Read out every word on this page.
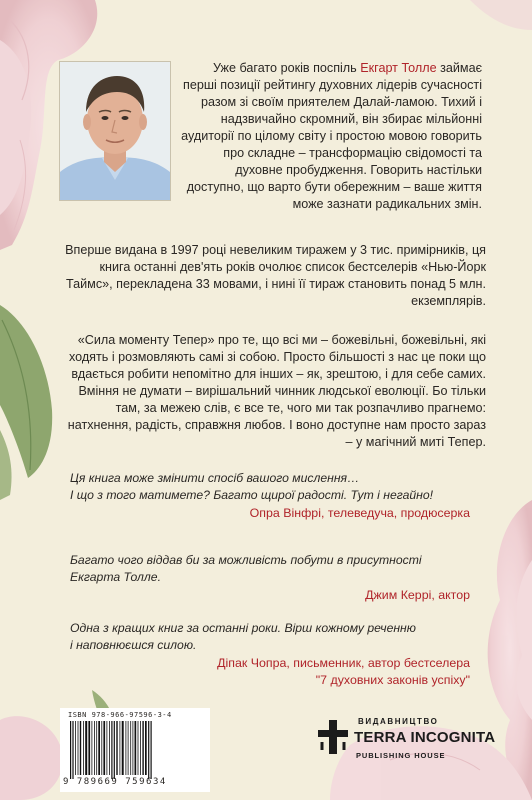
Уже багато років поспіль Екгарт Толле займає перші позиції рейтингу духовних лідерів сучасності разом зі своїм приятелем Далай-ламою. Тихий і надзвичайно скромний, він збирає мільйонні аудиторії по цілому світу і простою мовою говорить про складне – трансформацію свідомості та духовне пробудження. Говорить настільки доступно, що варто бути обережним – ваше життя може зазнати радикальних змін.

Вперше видана в 1997 році невеликим тиражем у 3 тис. примірників, ця книга останні дев'ять років очолює список бестселерів «Нью-Йорк Таймс», перекладена 33 мовами, і нині її тираж становить понад 5 млн. екземплярів.

«Сила моменту Тепер» про те, що всі ми – божевільні, божевільні, які ходять і розмовляють самі зі собою. Просто більшості з нас це поки що вдається робити непомітно для інших – як, зрештою, і для себе самих. Вміння не думати – вирішальний чинник людської еволюції. Бо тільки там, за межею слів, є все те, чого ми так розпачливо прагнемо: натхнення, радість, справжня любов. І воно доступне нам просто зараз – у магічний миті Тепер.

Ця книга може змінити спосіб вашого мислення…
І що з того матимете? Багато щирої радості. Тут і негайно!

Опра Вінфрі, телеведуча, продюсерка

Багато чого віддав би за можливість побути в присутності
Екгарта Толле.

Джим Керрі, актор

Одна з кращих книг за останні роки. Вірш кожному реченню
і наповнюєшся силою.

Діпак Чопра, письменник, автор бестселера
"7 духовних законів успіху"

ISBN 978-966-97596-3-4
9 789669 759634
ВИДАВНИЦТВО
TERRA INCOGNITA
PUBLISHING HOUSE
